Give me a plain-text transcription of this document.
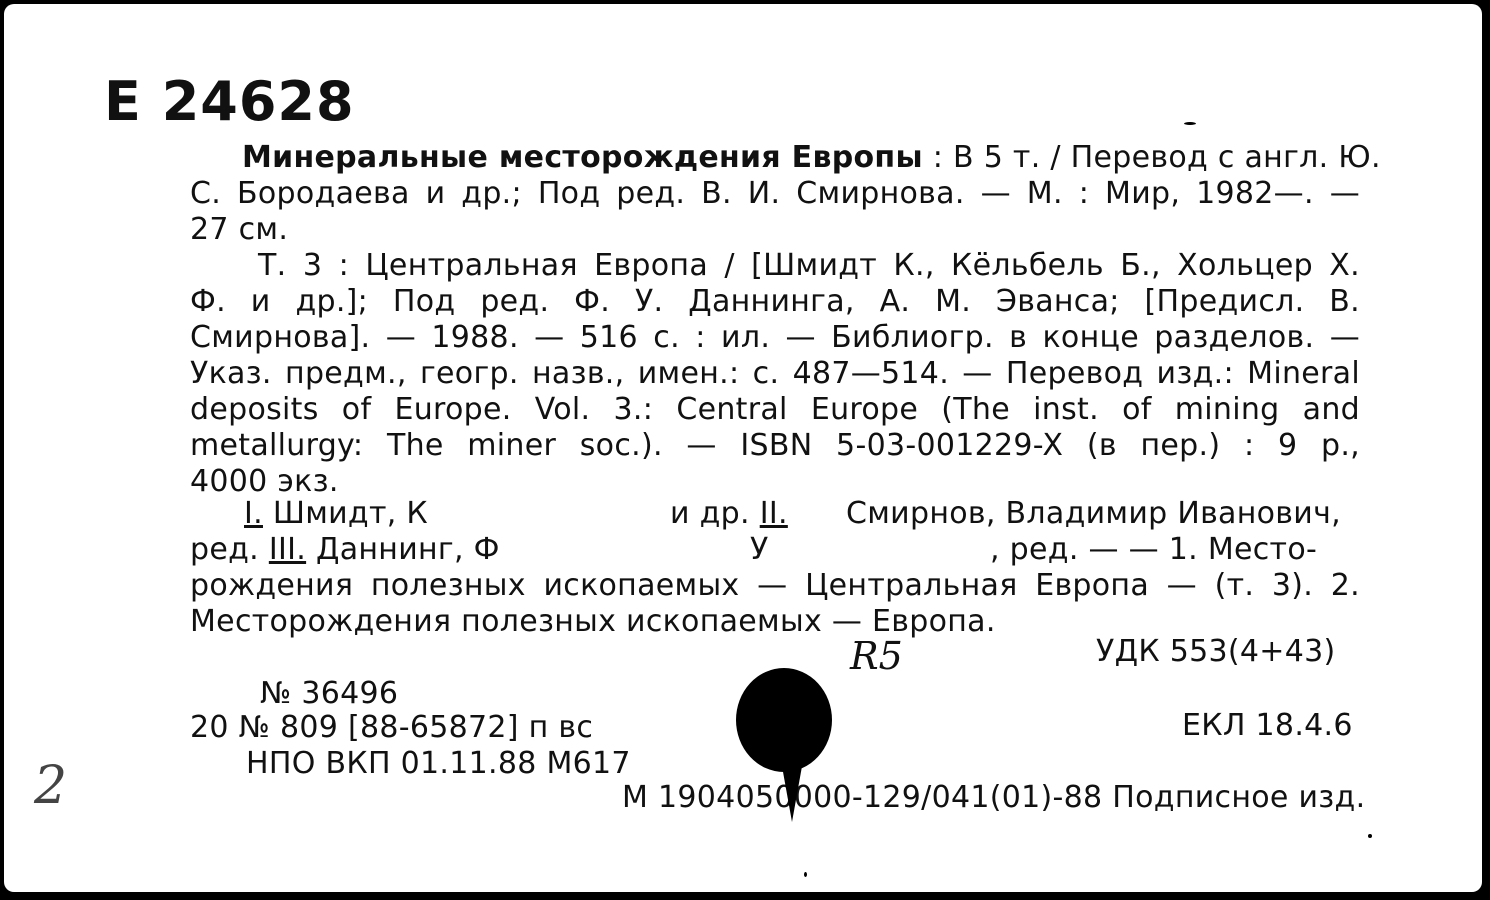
Е 24628
Минеральные месторождения Европы : В 5 т. / Перевод с англ. Ю.
С. Бородаева и др.; Под ред. В. И. Смирнова. — М. : Мир, 1982—. —
27 см.
Т. 3 : Центральная Европа / [Шмидт К., Кёльбель Б., Хольцер Х.
Ф. и др.]; Под ред. Ф. У. Даннинга, А. М. Эванса; [Предисл. В.
Смирнова]. — 1988. — 516 с. : ил. — Библиогр. в конце разделов. —
Указ. предм., геогр. назв., имен.: с. 487—514. — Перевод изд.: Mineral
deposits of Europe. Vol. 3.: Central Europe (The inst. of mining and
metallurgy: The miner soc.). — ISBN 5-03-001229-X (в пер.) : 9 р.,
4000 экз.
I. Шмидт, К	и др. II. Смирнов, Владимир Иванович,
ред. III. Даннинг, Ф	У	, ред. — — 1. Место-
рождения полезных ископаемых — Центральная Европа — (т. 3). 2.
Месторождения полезных ископаемых — Европа.
R5	УДК 553(4+43)
№ 36496
20 № 809 [88-65872] п вс	ЕКЛ 18.4.6
НПО ВКП 01.11.88 М617
М 1904050000-129/041(01)-88 Подписное изд.
2
